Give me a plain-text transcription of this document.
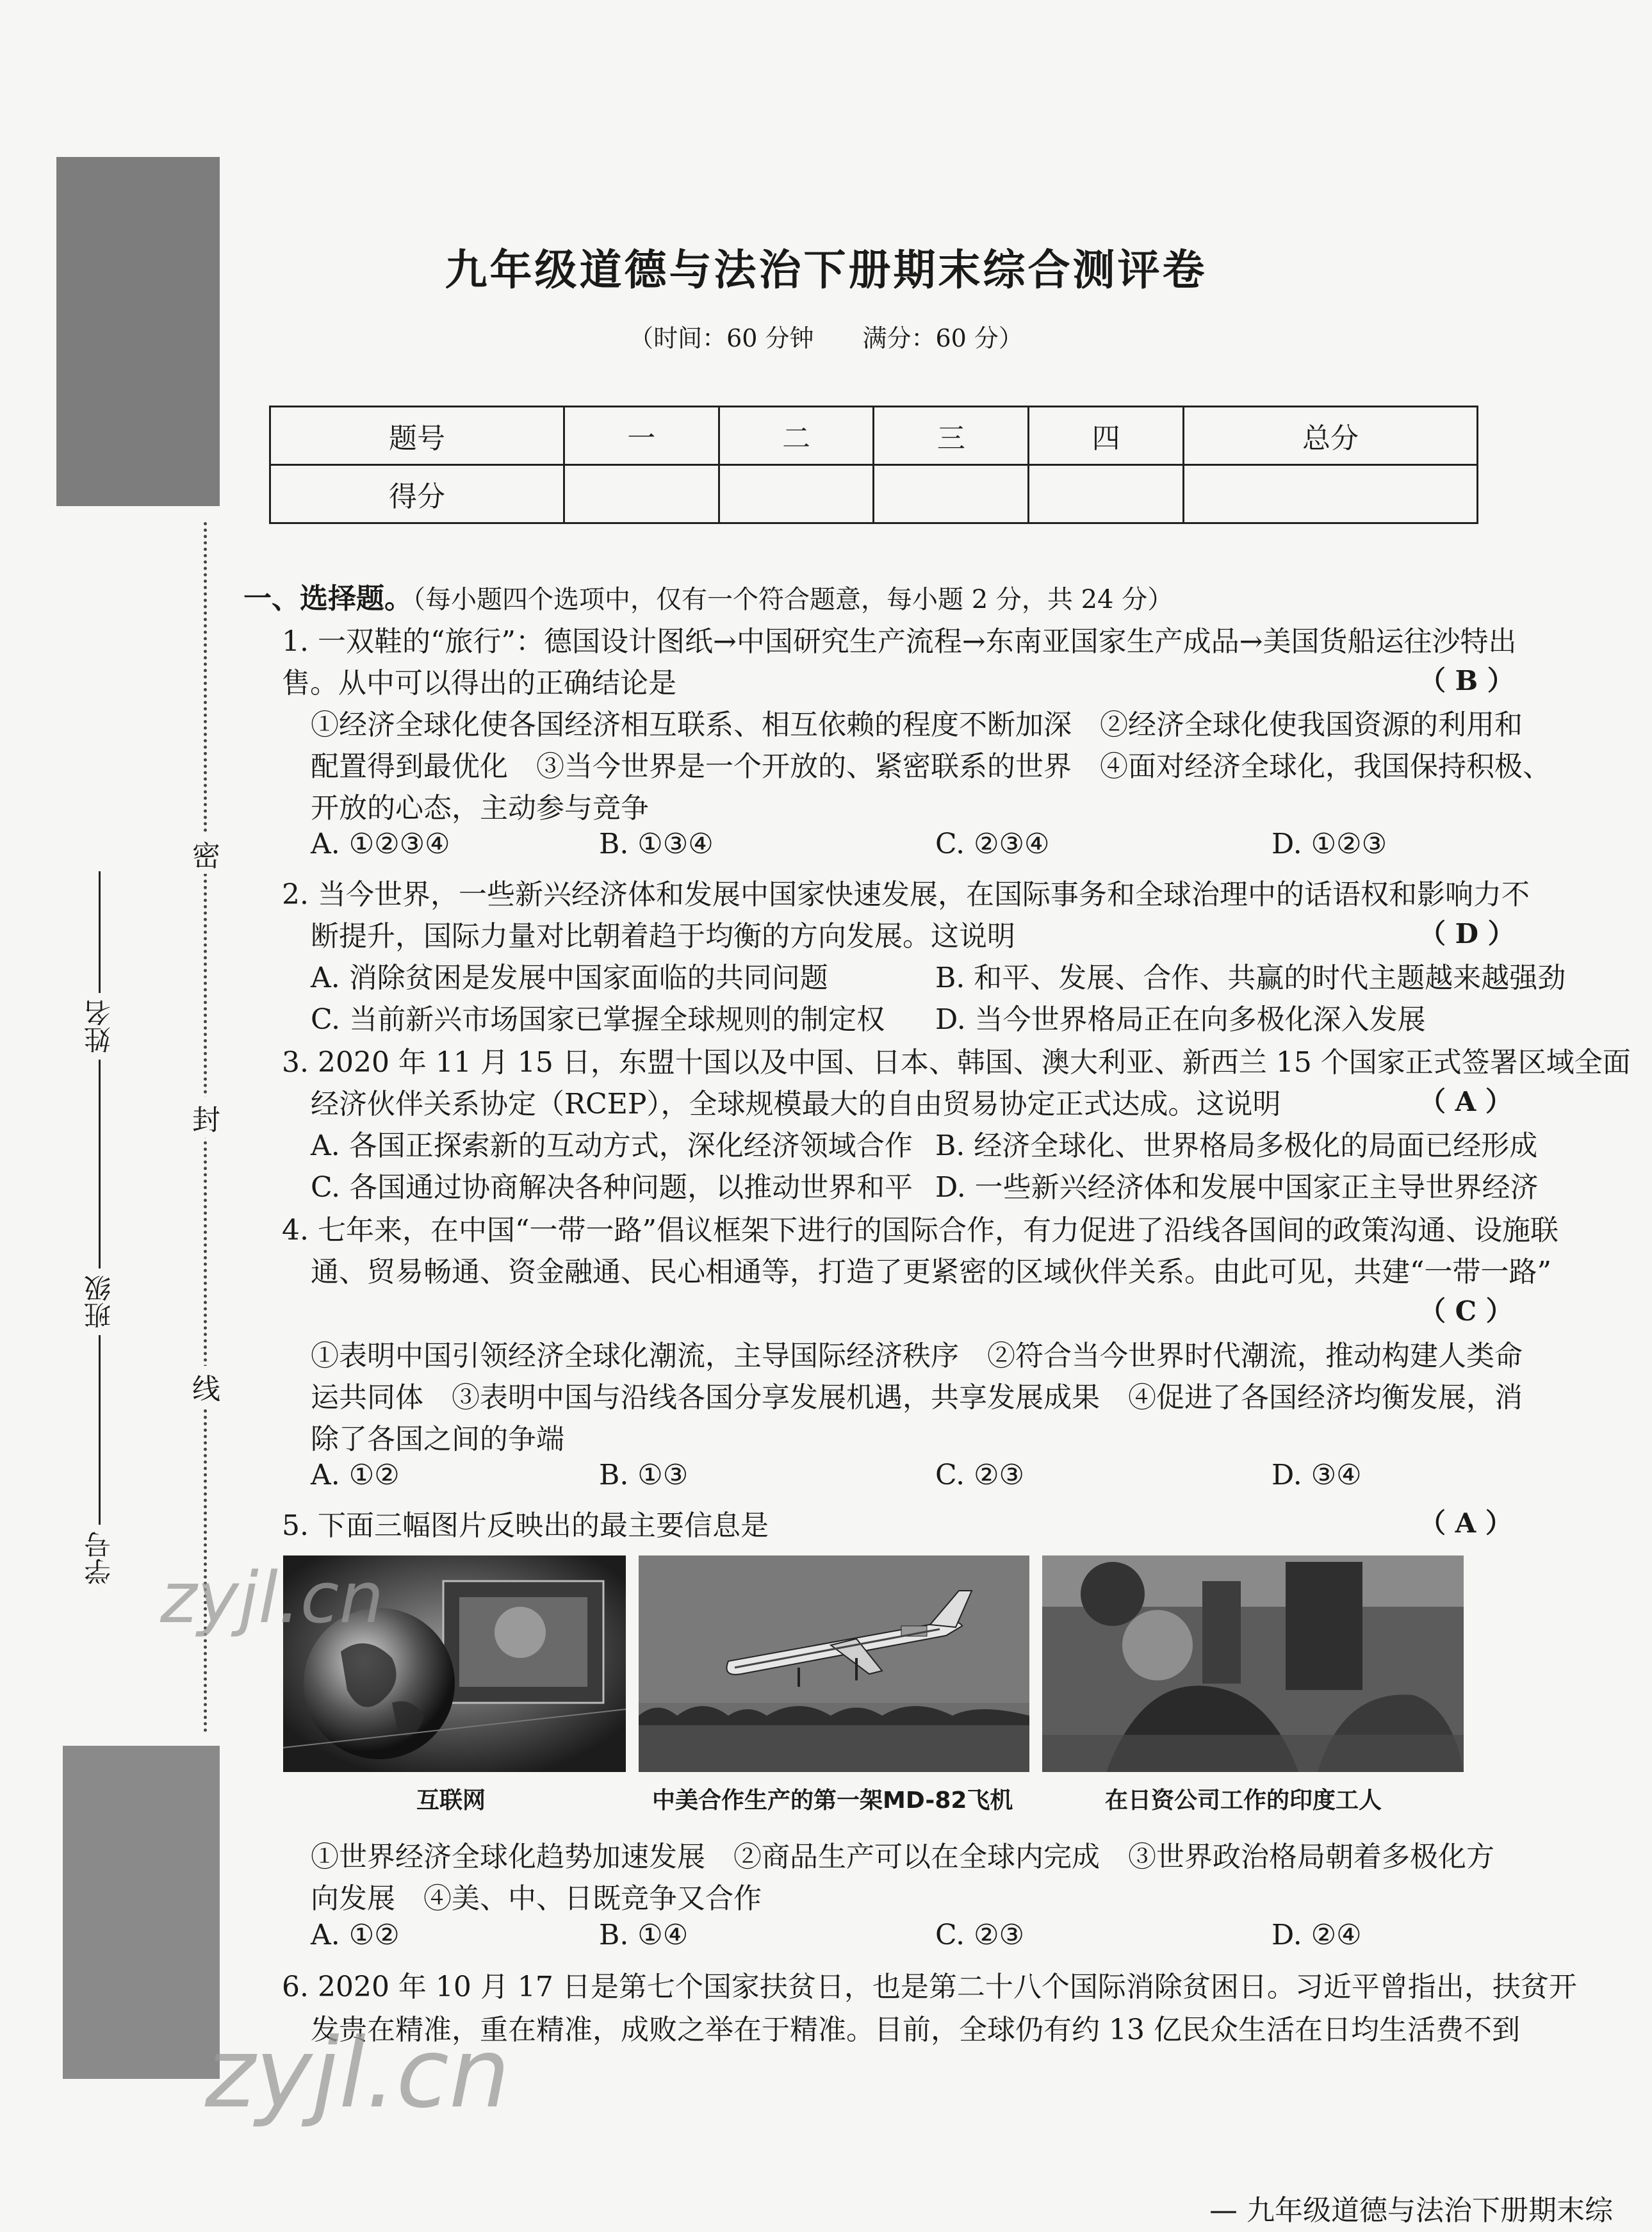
密
封
线
姓名
班级
学号
九年级道德与法治下册期末综合测评卷
（时间：60 分钟　　满分：60 分）
题号	一	二	三	四	总分
得分					
一、选择题。（每小题四个选项中，仅有一个符合题意，每小题 2 分，共 24 分）
1. 一双鞋的“旅行”：德国设计图纸→中国研究生产流程→东南亚国家生产成品→美国货船运往沙特出
售。从中可以得出的正确结论是	（ B ）
①经济全球化使各国经济相互联系、相互依赖的程度不断加深　②经济全球化使我国资源的利用和
配置得到最优化　③当今世界是一个开放的、紧密联系的世界　④面对经济全球化，我国保持积极、
开放的心态，主动参与竞争
A. ①②③④	B. ①③④	C. ②③④	D. ①②③
2. 当今世界，一些新兴经济体和发展中国家快速发展，在国际事务和全球治理中的话语权和影响力不
断提升，国际力量对比朝着趋于均衡的方向发展。这说明	（ D ）
A. 消除贫困是发展中国家面临的共同问题	B. 和平、发展、合作、共赢的时代主题越来越强劲
C. 当前新兴市场国家已掌握全球规则的制定权 D. 当今世界格局正在向多极化深入发展
3. 2020 年 11 月 15 日，东盟十国以及中国、日本、韩国、澳大利亚、新西兰 15 个国家正式签署区域全面
经济伙伴关系协定（RCEP），全球规模最大的自由贸易协定正式达成。这说明	（ A ）
A. 各国正探索新的互动方式，深化经济领域合作 B. 经济全球化、世界格局多极化的局面已经形成
C. 各国通过协商解决各种问题，以推动世界和平 D. 一些新兴经济体和发展中国家正主导世界经济
4. 七年来，在中国“一带一路”倡议框架下进行的国际合作，有力促进了沿线各国间的政策沟通、设施联
通、贸易畅通、资金融通、民心相通等，打造了更紧密的区域伙伴关系。由此可见，共建“一带一路”
（ C ）
①表明中国引领经济全球化潮流，主导国际经济秩序　②符合当今世界时代潮流，推动构建人类命
运共同体　③表明中国与沿线各国分享发展机遇，共享发展成果　④促进了各国经济均衡发展，消
除了各国之间的争端
A. ①②	B. ①③	C. ②③	D. ③④
5. 下面三幅图片反映出的最主要信息是	（ A ）
互联网	中美合作生产的第一架MD-82飞机	在日资公司工作的印度工人
①世界经济全球化趋势加速发展　②商品生产可以在全球内完成　③世界政治格局朝着多极化方
向发展　④美、中、日既竞争又合作
A. ①②	B. ①④	C. ②③	D. ②④
6. 2020 年 10 月 17 日是第七个国家扶贫日，也是第二十八个国际消除贫困日。习近平曾指出，扶贫开
发贵在精准，重在精准，成败之举在于精准。目前，全球仍有约 13 亿民众生活在日均生活费不到
zyjl.cn
zyjl.cn
— 九年级道德与法治下册期末综
